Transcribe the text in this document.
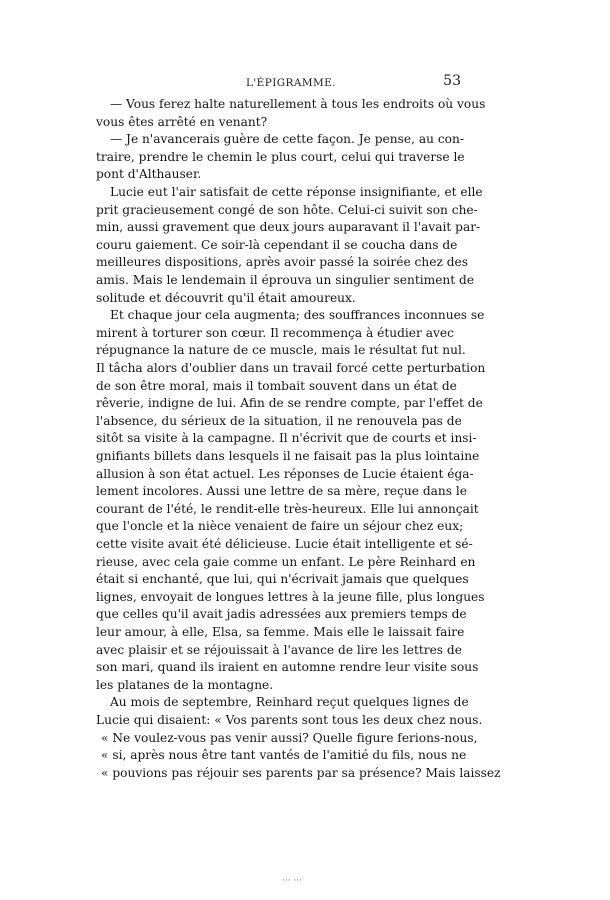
L'ÉPIGRAMME.	53
— Vous ferez halte naturellement à tous les endroits où vous
vous êtes arrêté en venant?
— Je n'avancerais guère de cette façon. Je pense, au con-
traire, prendre le chemin le plus court, celui qui traverse le
pont d'Althauser.
Lucie eut l'air satisfait de cette réponse insignifiante, et elle
prit gracieusement congé de son hôte. Celui-ci suivit son che-
min, aussi gravement que deux jours auparavant il l'avait par-
couru gaiement. Ce soir-là cependant il se coucha dans de
meilleures dispositions, après avoir passé la soirée chez des
amis. Mais le lendemain il éprouva un singulier sentiment de
solitude et découvrit qu'il était amoureux.
Et chaque jour cela augmenta; des souffrances inconnues se
mirent à torturer son cœur. Il recommença à étudier avec
répugnance la nature de ce muscle, mais le résultat fut nul.
Il tâcha alors d'oublier dans un travail forcé cette perturbation
de son être moral, mais il tombait souvent dans un état de
rêverie, indigne de lui. Afin de se rendre compte, par l'effet de
l'absence, du sérieux de la situation, il ne renouvela pas de
sitôt sa visite à la campagne. Il n'écrivit que de courts et insi-
gnifiants billets dans lesquels il ne faisait pas la plus lointaine
allusion à son état actuel. Les réponses de Lucie étaient éga-
lement incolores. Aussi une lettre de sa mère, reçue dans le
courant de l'été, le rendit-elle très-heureux. Elle lui annonçait
que l'oncle et la nièce venaient de faire un séjour chez eux;
cette visite avait été délicieuse. Lucie était intelligente et sé-
rieuse, avec cela gaie comme un enfant. Le père Reinhard en
était si enchanté, que lui, qui n'écrivait jamais que quelques
lignes, envoyait de longues lettres à la jeune fille, plus longues
que celles qu'il avait jadis adressées aux premiers temps de
leur amour, à elle, Elsa, sa femme. Mais elle le laissait faire
avec plaisir et se réjouissait à l'avance de lire les lettres de
son mari, quand ils iraient en automne rendre leur visite sous
les platanes de la montagne.
Au mois de septembre, Reinhard reçut quelques lignes de
Lucie qui disaient: « Vos parents sont tous les deux chez nous.
« Ne voulez-vous pas venir aussi? Quelle figure ferions-nous,
« si, après nous être tant vantés de l'amitié du fils, nous ne
« pouvions pas réjouir ses parents par sa présence? Mais laissez
··· ···
